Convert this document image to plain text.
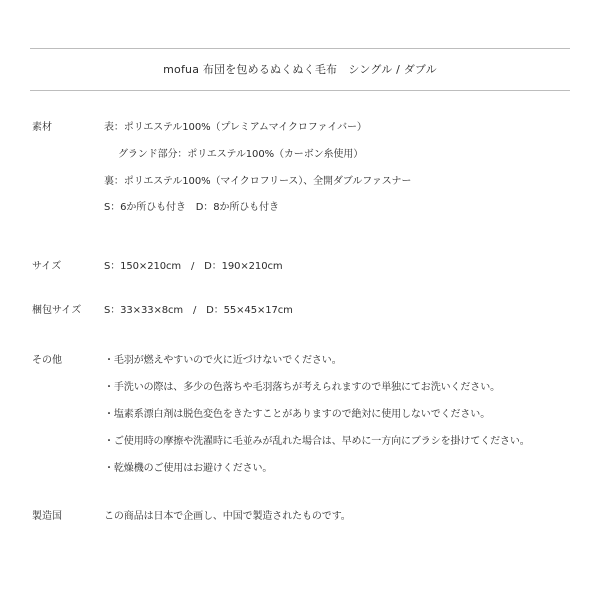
mofua 布団を包めるぬくぬく毛布　シングル / ダブル
素材	表：ポリエステル100%（プレミアムマイクロファイバー）
グランド部分：ポリエステル100%（カーボン糸使用）
裏：ポリエステル100%（マイクロフリース）、全開ダブルファスナー
S：6か所ひも付き　D：8か所ひも付き
サイズ	S：150×210cm　/　D：190×210cm
梱包サイズ S：33×33×8cm　/　D：55×45×17cm
その他	・毛羽が燃えやすいので火に近づけないでください。
・手洗いの際は、多少の色落ちや毛羽落ちが考えられますので単独にてお洗いください。
・塩素系漂白剤は脱色変色をきたすことがありますので絶対に使用しないでください。
・ご使用時の摩擦や洗濯時に毛並みが乱れた場合は、早めに一方向にブラシを掛けてください。
・乾燥機のご使用はお避けください。
製造国	この商品は日本で企画し、中国で製造されたものです。
